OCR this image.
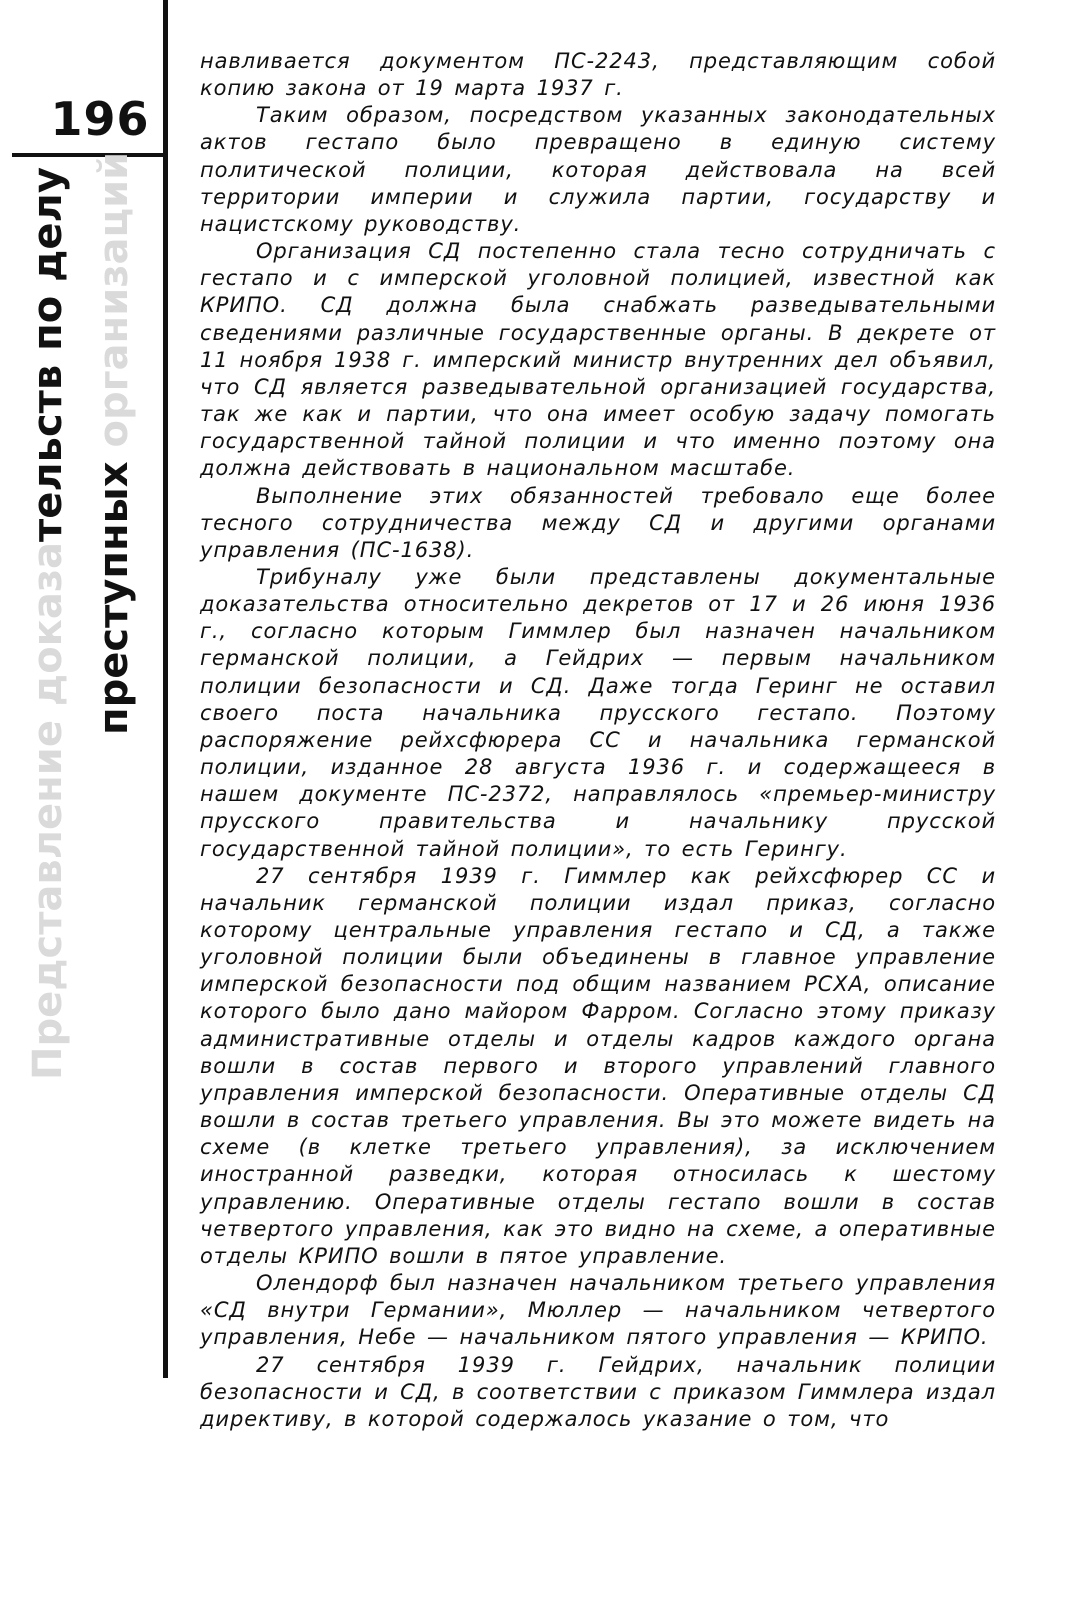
196
Представление доказательств по делу
преступных организаций

навливается документом ПС-2243, представляющим собой копию закона от 19 марта 1937 г.

Таким образом, посредством указанных законодательных актов гестапо было превращено в единую систему политической полиции, которая действовала на всей территории империи и служила партии, государству и нацистскому руководству.

Организация СД постепенно стала тесно сотрудничать с гестапо и с имперской уголовной полицией, известной как КРИПО. СД должна была снабжать разведывательными сведениями различные государственные органы. В декрете от 11 ноября 1938 г. имперский министр внутренних дел объявил, что СД является разведывательной организацией государства, так же как и партии, что она имеет особую задачу помогать государственной тайной полиции и что именно поэтому она должна действовать в национальном масштабе.

Выполнение этих обязанностей требовало еще более тесного сотрудничества между СД и другими органами управления (ПС-1638).

Трибуналу уже были представлены документальные доказательства относительно декретов от 17 и 26 июня 1936 г., согласно которым Гиммлер был назначен начальником германской полиции, а Гейдрих — первым начальником полиции безопасности и СД. Даже тогда Геринг не оставил своего поста начальника прусского гестапо. Поэтому распоряжение рейхсфюрера СС и начальника германской полиции, изданное 28 августа 1936 г. и содержащееся в нашем документе ПС-2372, направлялось «премьер-министру прусского правительства и начальнику прусской государственной тайной полиции», то есть Герингу.

27 сентября 1939 г. Гиммлер как рейхсфюрер СС и начальник германской полиции издал приказ, согласно которому центральные управления гестапо и СД, а также уголовной полиции были объединены в главное управление имперской безопасности под общим названием РСХА, описание которого было дано майором Фарром. Согласно этому приказу административные отделы и отделы кадров каждого органа вошли в состав первого и второго управлений главного управления имперской безопасности. Оперативные отделы СД вошли в состав третьего управления. Вы это можете видеть на схеме (в клетке третьего управления), за исключением иностранной разведки, которая относилась к шестому управлению. Оперативные отделы гестапо вошли в состав четвертого управления, как это видно на схеме, а оперативные отделы КРИПО вошли в пятое управление.

Олендорф был назначен начальником третьего управления «СД внутри Германии», Мюллер — начальником четвертого управления, Небе — начальником пятого управления — КРИПО.

27 сентября 1939 г. Гейдрих, начальник полиции безопасности и СД, в соответствии с приказом Гиммлера издал директиву, в которой содержалось указание о том, что
